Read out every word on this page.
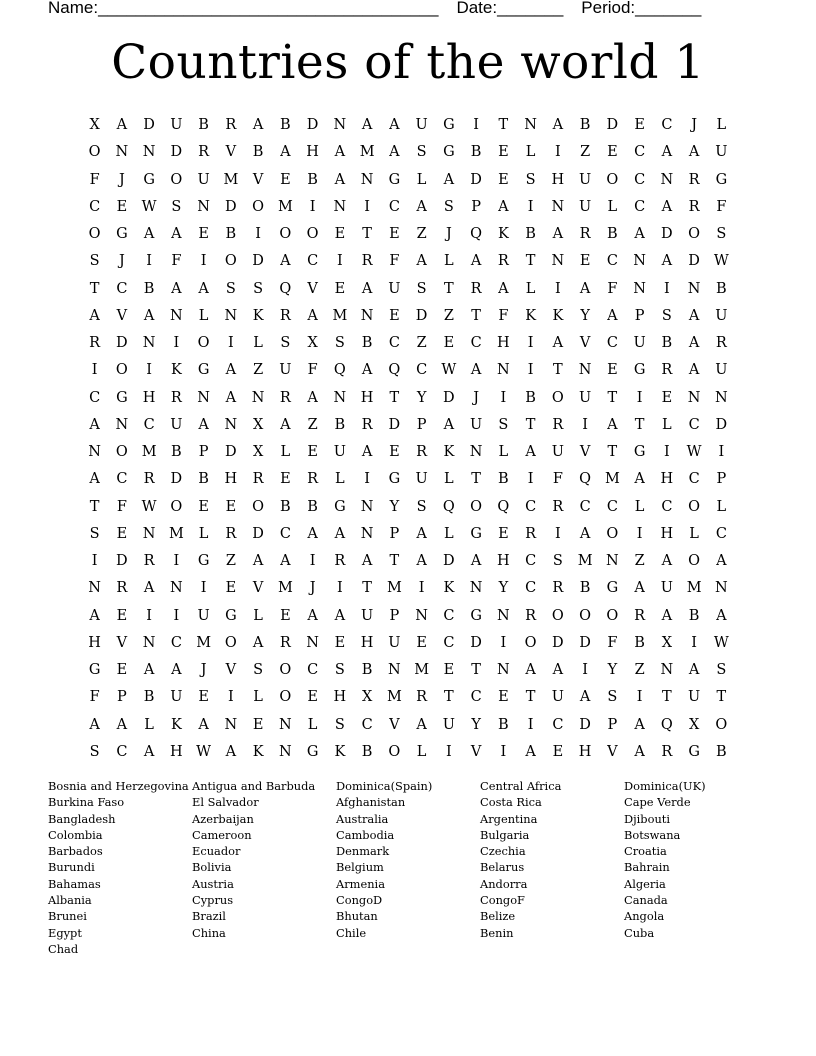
Name:____________________________________ Date:_______ Period:_______
Countries of the world 1
X	A	D	U	B	R	A	B	D	N	A	A	U	G	I	T	N	A	B	D	E	C	J	L
O	N	N	D	R	V	B	A	H	A	M	A	S	G	B	E	L	I	Z	E	C	A	A	U
F	J	G	O	U M	V	E	B	A	N	G	L	A	D	E	S	H	U	O	C	N	R	G
C	E	W	S	N	D	O M	I	N	I	C	A	S	P	A	I	N	U	L	C	A	R	F
O	G	A	A	E	B	I	O	O	E	T	E	Z	J	Q	K	B	A	R	B	A	D	O	S
S	J	I	F	I	O	D	A	C	I	R	F	A	L	A	R	T	N	E	C	N	A	D W
T	C	B	A	A	S	S	Q	V	E	A	U	S	T	R	A	L	I	A	F	N	I	N	B
A	V	A	N	L	N	K	R	A	M N	E	D	Z	T	F	K	K	Y	A	P	S	A	U
R	D	N	I	O	I	L	S	X	S	B	C	Z	E	C	H	I	A	V	C	U	B	A	R
I	O	I	K	G	A	Z	U	F	Q	A	Q	C W	A	N	I	T	N	E	G	R	A	U
C	G	H	R	N	A	N	R	A	N	H	T	Y	D	J	I	B	O	U	T	I	E	N	N
A	N	C	U	A	N	X	A	Z	B	R	D	P	A	U	S	T	R	I	A	T	L	C	D
N	O M	B	P	D	X	L	E	U	A	E	R	K	N	L	A	U	V	T	G	I	W	I
A	C	R	D	B	H	R	E	R	L	I	G	U	L	T	B	I	F	Q M	A	H	C	P
T	F	W O	E	E	O	B	B	G	N	Y	S	Q	O	Q	C	R	C	C	L	C	O	L
S	E	N M	L	R	D	C	A	A	N	P	A	L	G	E	R	I	A	O	I	H	L	C
I	D	R	I	G	Z	A	A	I	R	A	T	A	D	A	H	C	S	M N	Z	A	O	A
N	R	A	N	I	E	V	M	J	I	T	M	I	K	N	Y	C	R	B	G	A	U M N
A	E	I	I	U	G	L	E	A	A	U	P	N	C	G	N	R	O	O	O	R	A	B	A
H	V	N	C M O	A	R	N	E	H	U	E	C	D	I	O	D	D	F	B	X	I	W
G	E	A	A	J	V	S	O	C	S	B	N M	E	T	N	A	A	I	Y	Z	N	A	S
F	P	B	U	E	I	L	O	E	H	X	M R	T	C	E	T	U	A	S	I	T	U	T
A	A	L	K	A	N	E	N	L	S	C	V	A	U	Y	B	I	C	D	P	A	Q	X	O
S	C	A	H W	A	K	N	G	K	B	O	L	I	V	I	A	E	H	V	A	R	G	B
Bosnia and Herzegovina
Burkina Faso
Bangladesh
Colombia
Barbados
Burundi
Bahamas
Albania
Brunei
Egypt
Chad
Antigua and Barbuda
El Salvador
Azerbaijan
Cameroon
Ecuador
Bolivia
Austria
Cyprus
Brazil
China
Dominica(Spain)
Afghanistan
Australia
Cambodia
Denmark
Belgium
Armenia
CongoD
Bhutan
Chile
Central Africa
Costa Rica
Argentina
Bulgaria
Czechia
Belarus
Andorra
CongoF
Belize
Benin
Dominica(UK)
Cape Verde
Djibouti
Botswana
Croatia
Bahrain
Algeria
Canada
Angola
Cuba
